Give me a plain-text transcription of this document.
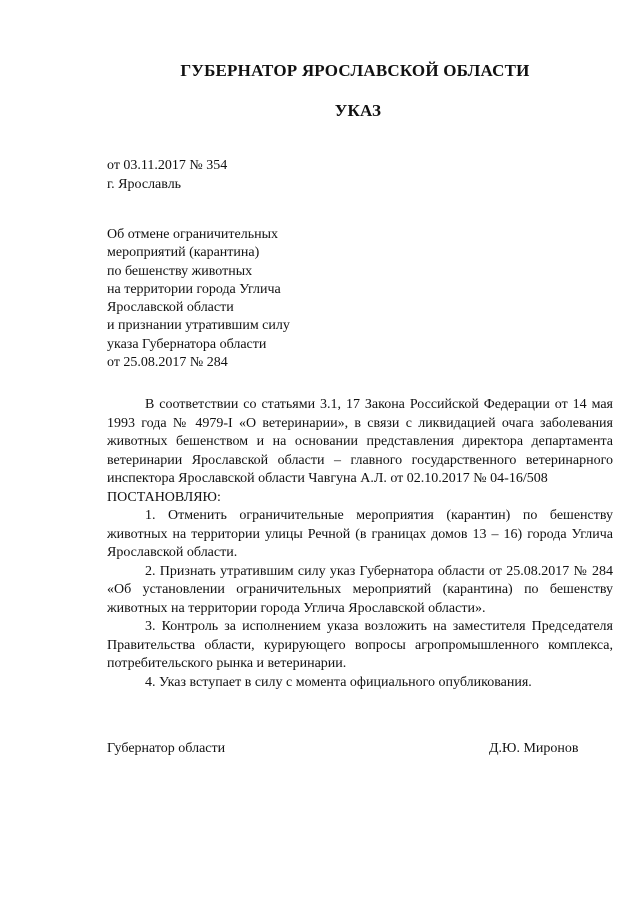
ГУБЕРНАТОР ЯРОСЛАВСКОЙ ОБЛАСТИ
УКАЗ
от 03.11.2017 № 354
г. Ярославль
Об отмене ограничительных
мероприятий (карантина)
по бешенству животных
на территории города Углича
Ярославской области
и признании утратившим силу
указа Губернатора области
от 25.08.2017 № 284

В соответствии со статьями 3.1, 17 Закона Российской Федерации от 14 мая 1993 года № 4979-I «О ветеринарии», в связи с ликвидацией очага заболевания животных бешенством и на основании представления директора департамента ветеринарии Ярославской области – главного государственного ветеринарного инспектора Ярославской области Чавгуна А.Л. от 02.10.2017 № 04-16/508

ПОСТАНОВЛЯЮ:

1. Отменить ограничительные мероприятия (карантин) по бешенству животных на территории улицы Речной (в границах домов 13 – 16) города Углича Ярославской области.

2. Признать утратившим силу указ Губернатора области от 25.08.2017 № 284 «Об установлении ограничительных мероприятий (карантина) по бешенству животных на территории города Углича Ярославской области».

3. Контроль за исполнением указа возложить на заместителя Председателя Правительства области, курирующего вопросы агропромышленного комплекса, потребительского рынка и ветеринарии.

4. Указ вступает в силу с момента официального опубликования.

Губернатор области	Д.Ю. Миронов
